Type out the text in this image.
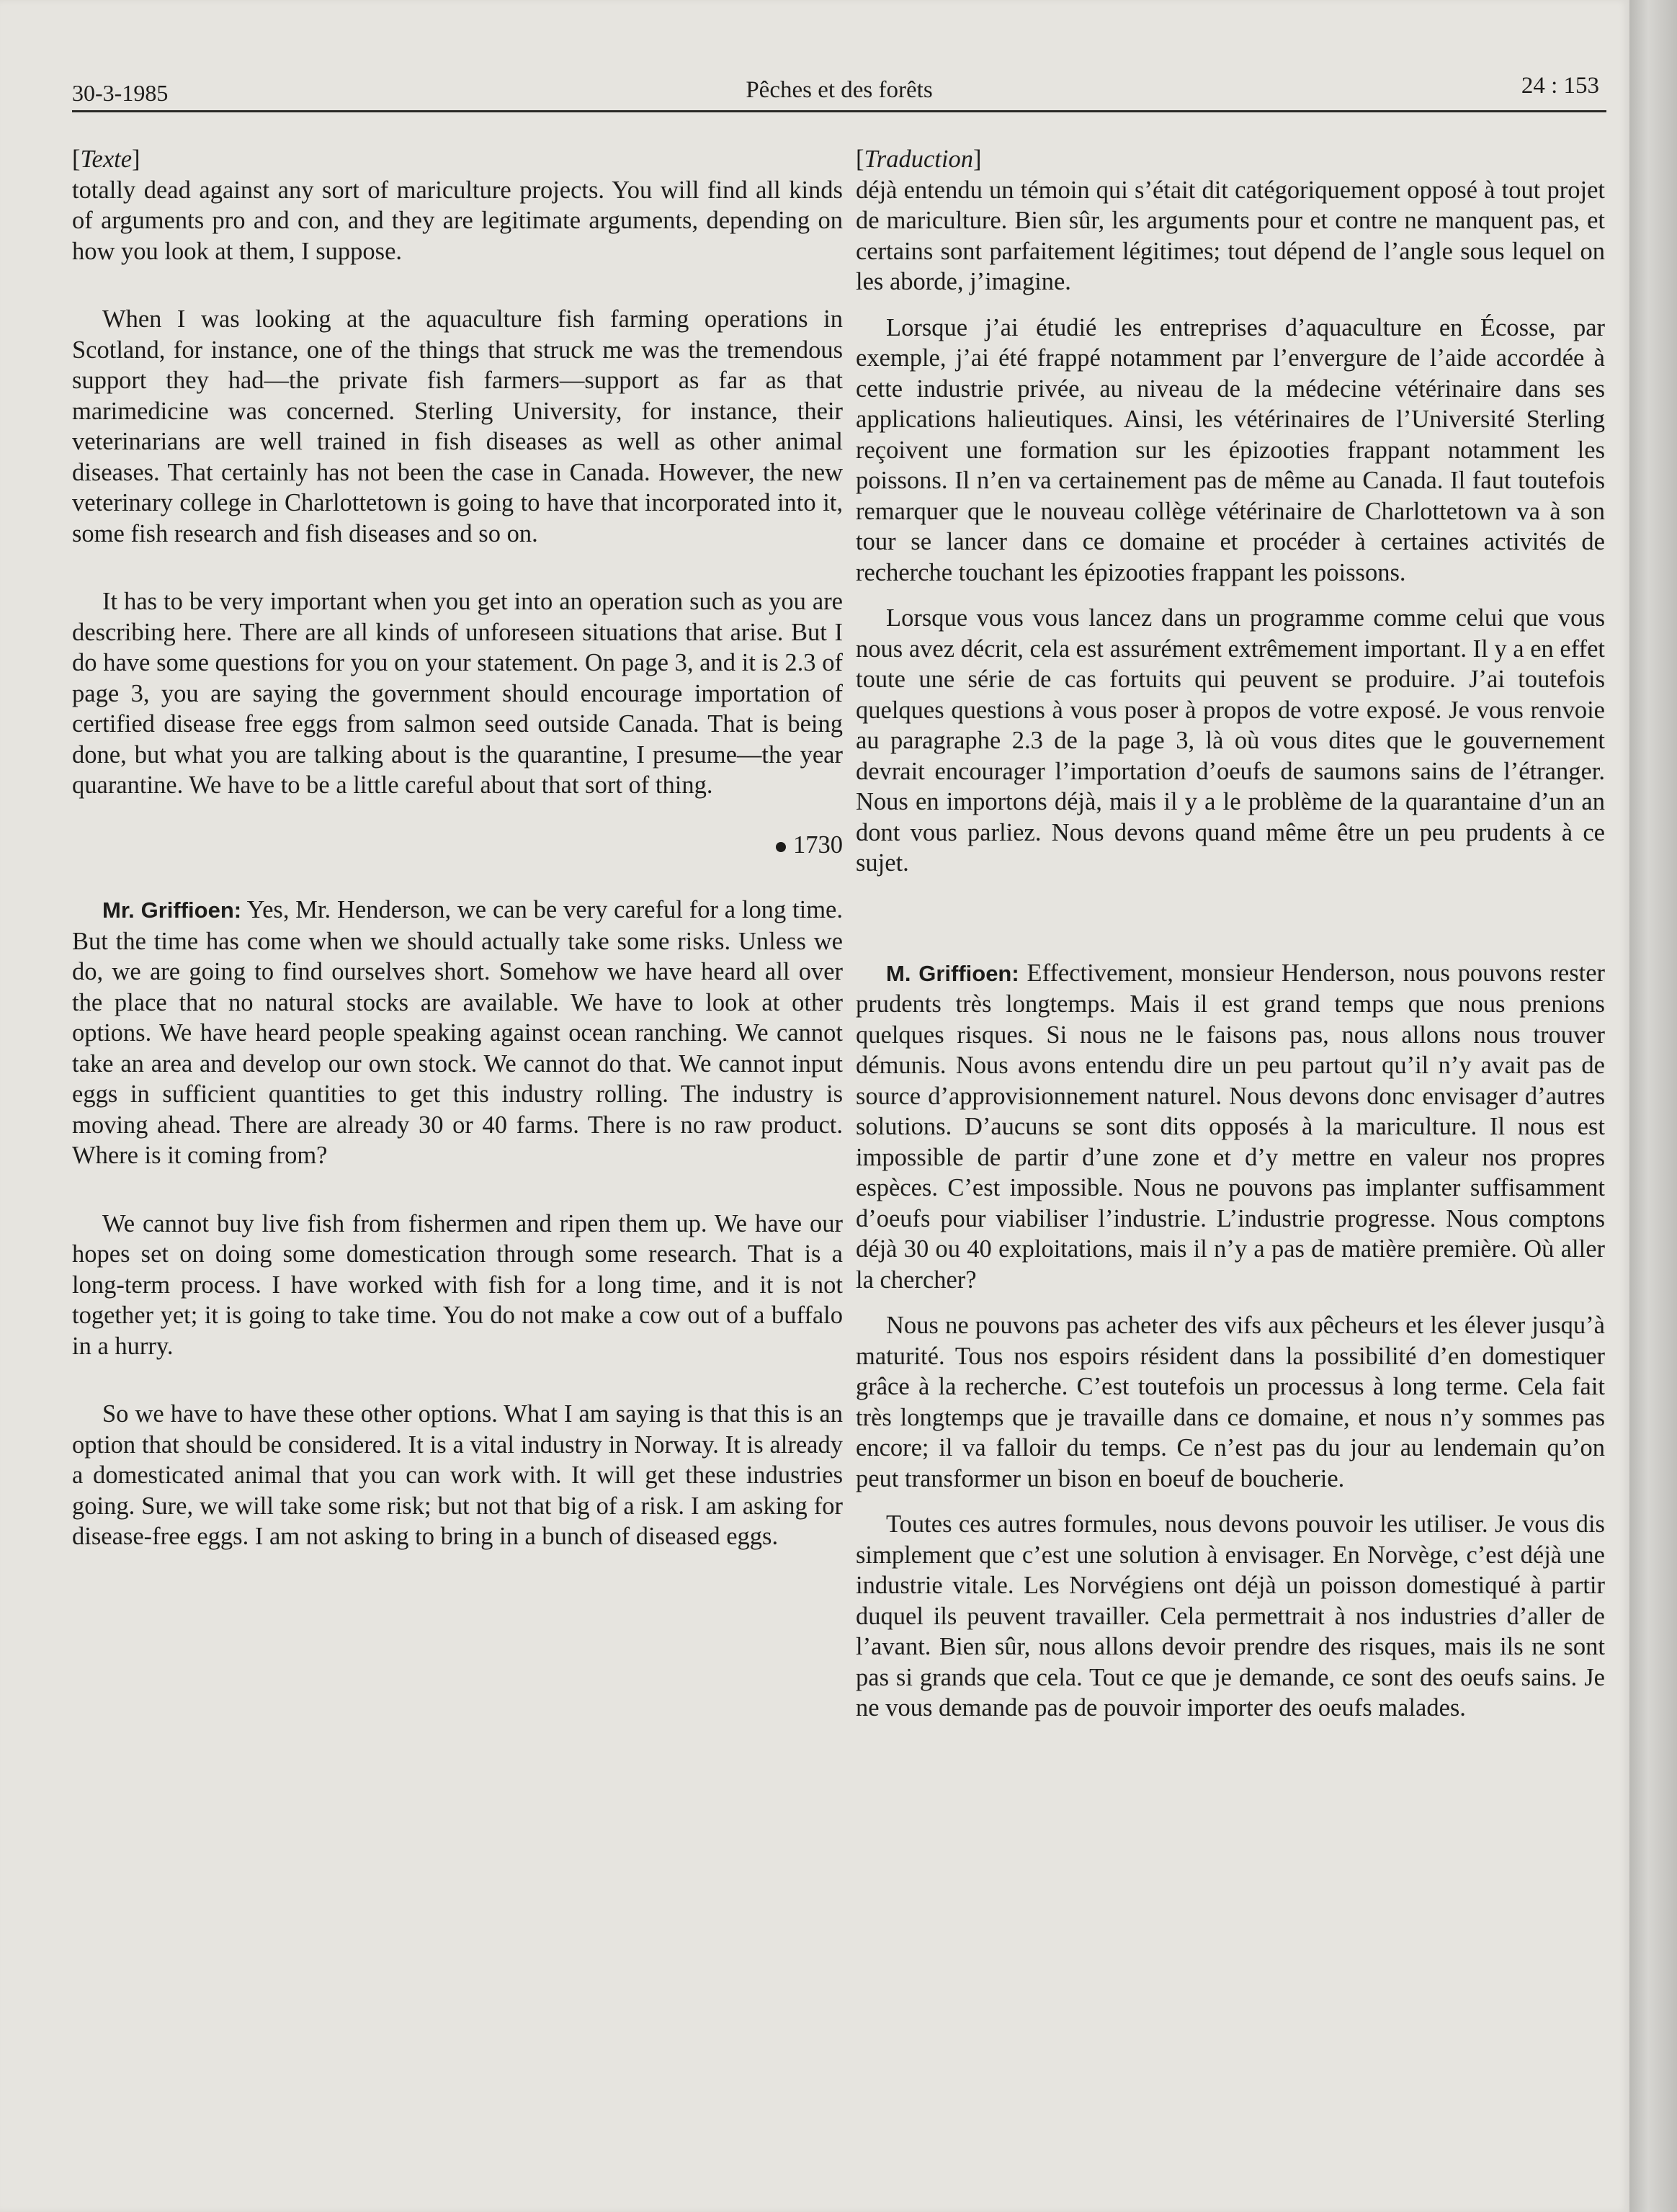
30-3-1985	Pêches et des forêts	24 : 153

[Texte]

totally dead against any sort of mariculture projects. You will find all kinds of arguments pro and con, and they are legitimate arguments, depending on how you look at them, I suppose.

When I was looking at the aquaculture fish farming operations in Scotland, for instance, one of the things that struck me was the tremendous support they had—the private fish farmers—support as far as that marimedicine was concerned. Sterling University, for instance, their veterinarians are well trained in fish diseases as well as other animal diseases. That certainly has not been the case in Canada. However, the new veterinary college in Charlottetown is going to have that incorporated into it, some fish research and fish diseases and so on.

It has to be very important when you get into an operation such as you are describing here. There are all kinds of unforeseen situations that arise. But I do have some questions for you on your statement. On page 3, and it is 2.3 of page 3, you are saying the government should encourage importation of certified disease free eggs from salmon seed outside Canada. That is being done, but what you are talking about is the quarantine, I presume—the year quarantine. We have to be a little careful about that sort of thing.

1730

Mr. Griffioen: Yes, Mr. Henderson, we can be very careful for a long time. But the time has come when we should actually take some risks. Unless we do, we are going to find ourselves short. Somehow we have heard all over the place that no natural stocks are available. We have to look at other options. We have heard people speaking against ocean ranching. We cannot take an area and develop our own stock. We cannot do that. We cannot input eggs in sufficient quantities to get this industry rolling. The industry is moving ahead. There are already 30 or 40 farms. There is no raw product. Where is it coming from?

We cannot buy live fish from fishermen and ripen them up. We have our hopes set on doing some domestication through some research. That is a long-term process. I have worked with fish for a long time, and it is not together yet; it is going to take time. You do not make a cow out of a buffalo in a hurry.

So we have to have these other options. What I am saying is that this is an option that should be considered. It is a vital industry in Norway. It is already a domesticated animal that you can work with. It will get these industries going. Sure, we will take some risk; but not that big of a risk. I am asking for disease-free eggs. I am not asking to bring in a bunch of diseased eggs.

[Traduction]

déjà entendu un témoin qui s’était dit catégoriquement opposé à tout projet de mariculture. Bien sûr, les arguments pour et contre ne manquent pas, et certains sont parfaitement légitimes; tout dépend de l’angle sous lequel on les aborde, j’imagine.

Lorsque j’ai étudié les entreprises d’aquaculture en Écosse, par exemple, j’ai été frappé notamment par l’envergure de l’aide accordée à cette industrie privée, au niveau de la médecine vétérinaire dans ses applications halieutiques. Ainsi, les vétérinaires de l’Université Sterling reçoivent une formation sur les épizooties frappant notamment les poissons. Il n’en va certainement pas de même au Canada. Il faut toutefois remarquer que le nouveau collège vétérinaire de Charlottetown va à son tour se lancer dans ce domaine et procéder à certaines activités de recherche touchant les épizooties frappant les poissons.

Lorsque vous vous lancez dans un programme comme celui que vous nous avez décrit, cela est assurément extrêmement important. Il y a en effet toute une série de cas fortuits qui peuvent se produire. J’ai toutefois quelques questions à vous poser à propos de votre exposé. Je vous renvoie au paragraphe 2.3 de la page 3, là où vous dites que le gouvernement devrait encourager l’importation d’oeufs de saumons sains de l’étranger. Nous en importons déjà, mais il y a le problème de la quarantaine d’un an dont vous parliez. Nous devons quand même être un peu prudents à ce sujet.

M. Griffioen: Effectivement, monsieur Henderson, nous pouvons rester prudents très longtemps. Mais il est grand temps que nous prenions quelques risques. Si nous ne le faisons pas, nous allons nous trouver démunis. Nous avons entendu dire un peu partout qu’il n’y avait pas de source d’approvisionnement naturel. Nous devons donc envisager d’autres solutions. D’aucuns se sont dits opposés à la mariculture. Il nous est impossible de partir d’une zone et d’y mettre en valeur nos propres espèces. C’est impossible. Nous ne pouvons pas implanter suffisamment d’oeufs pour viabiliser l’industrie. L’industrie progresse. Nous comptons déjà 30 ou 40 exploitations, mais il n’y a pas de matière première. Où aller la chercher?

Nous ne pouvons pas acheter des vifs aux pêcheurs et les élever jusqu’à maturité. Tous nos espoirs résident dans la possibilité d’en domestiquer grâce à la recherche. C’est toutefois un processus à long terme. Cela fait très longtemps que je travaille dans ce domaine, et nous n’y sommes pas encore; il va falloir du temps. Ce n’est pas du jour au lendemain qu’on peut transformer un bison en boeuf de boucherie.

Toutes ces autres formules, nous devons pouvoir les utiliser. Je vous dis simplement que c’est une solution à envisager. En Norvège, c’est déjà une industrie vitale. Les Norvégiens ont déjà un poisson domestiqué à partir duquel ils peuvent travailler. Cela permettrait à nos industries d’aller de l’avant. Bien sûr, nous allons devoir prendre des risques, mais ils ne sont pas si grands que cela. Tout ce que je demande, ce sont des oeufs sains. Je ne vous demande pas de pouvoir importer des oeufs malades.
